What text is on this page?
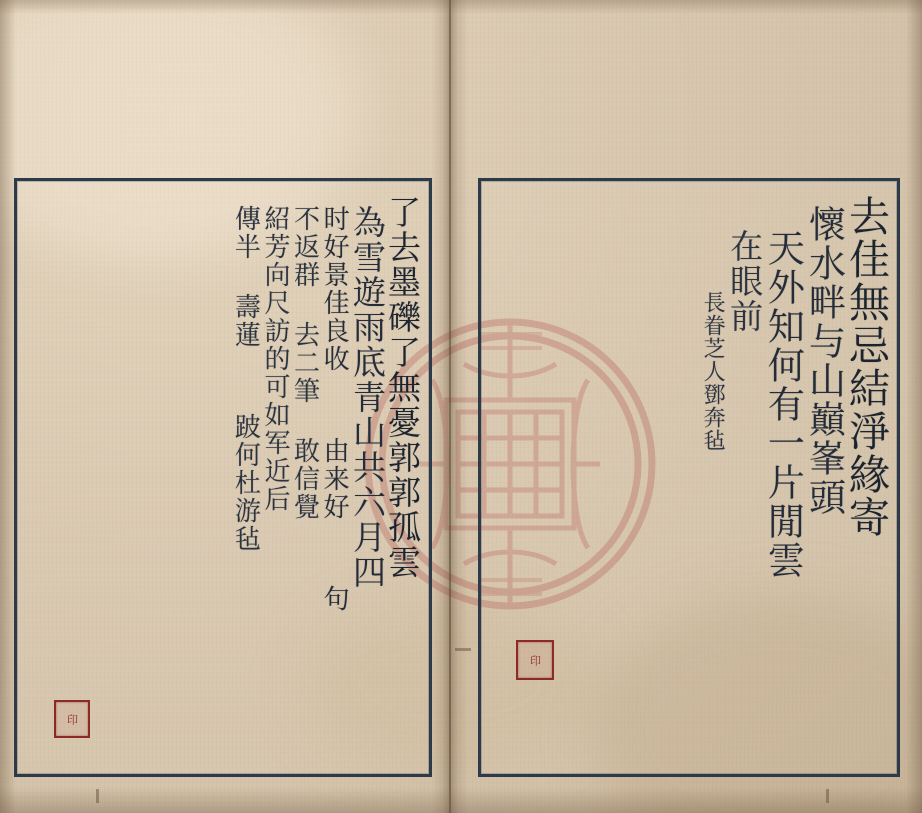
去佳無忌結淨緣寄
懷水畔与山巔峯頭
天外知何有一片閒雲
在眼前
長眷芝人鄧奔毡
印
了去墨礫了無憂郭郭孤雲
為雪遊雨底青山共六月四
时好景佳良收  由来好  句
不返群 去二筆 敢信覺
紹芳向尺訪的可如军近后
傳半 壽蓮  跛何杜游毡
印
